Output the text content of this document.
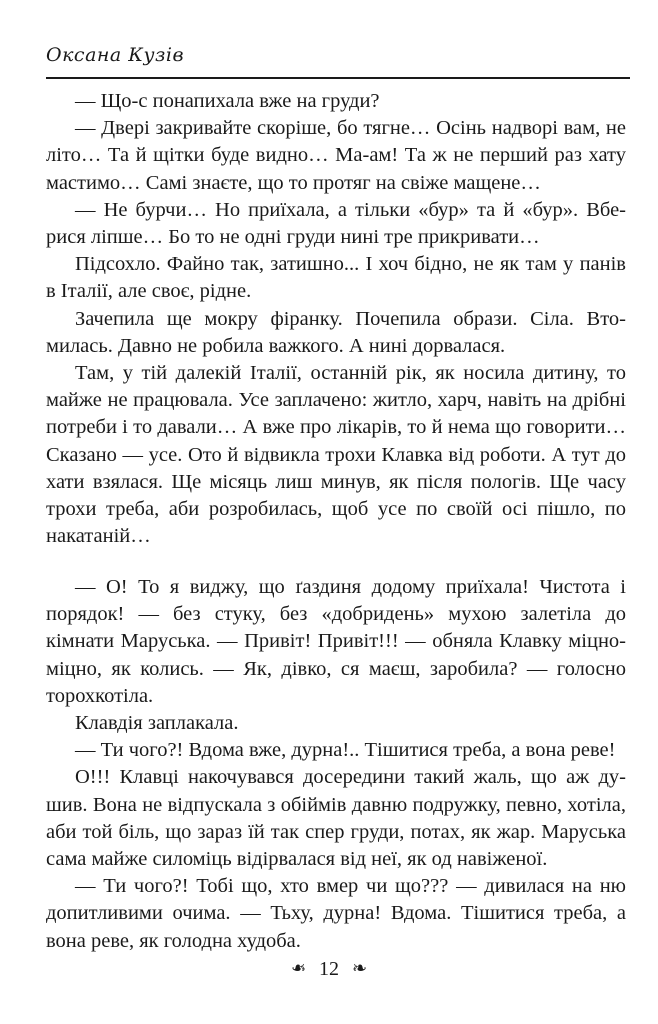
Оксана Кузів

— Що-с понапихала вже на груди?

— Двері закривайте скоріше, бо тягне… Осінь надворі вам, не літо… Та й щітки буде видно… Ма-ам! Та ж не перший раз хату мастимо… Самі знаєте, що то протяг на свіже мащене…

— Не бурчи… Но приїхала, а тільки «бур» та й «бур». Вберися ліпше… Бо то не одні груди нині тре прикривати…

Підсохло. Файно так, затишно... І хоч бідно, не як там у панів в Італії, але своє, рідне.

Зачепила ще мокру фіранку. Почепила образи. Сіла. Втомилась. Давно не робила важкого. А нині дорвалася.

Там, у тій далекій Італії, останній рік, як носила дитину, то майже не працювала. Усе заплачено: житло, харч, навіть на дрібні потреби і то давали… А вже про лікарів, то й нема що говорити… Сказано — усе. Ото й відвикла трохи Клавка від роботи. А тут до хати взялася. Ще місяць лиш минув, як після пологів. Ще часу трохи треба, аби розробилась, щоб усе по своїй осі пішло, по накатаній…

— О! То я виджу, що ґаздиня додому приїхала! Чистота і порядок! — без стуку, без «добридень» мухою залетіла до кімнати Маруська. — Привіт! Привіт!!! — обняла Клавку міцно-міцно, як колись. — Як, дівко, ся маєш, заробила? — голосно торохкотіла.

Клавдія заплакала.

— Ти чого?! Вдома вже, дурна!.. Тішитися треба, а вона реве!

О!!! Клавці накочувався досередини такий жаль, що аж душив. Вона не відпускала з обіймів давню подружку, певно, хотіла, аби той біль, що зараз їй так спер груди, потах, як жар. Маруська сама майже силоміць відірвалася від неї, як од навіженої.

— Ти чого?! Тобі що, хто вмер чи що??? — дивилася на ню допитливими очима. — Тьху, дурна! Вдома. Тішитися треба, а вона реве, як голодна худоба.

❧ 12 ❧
